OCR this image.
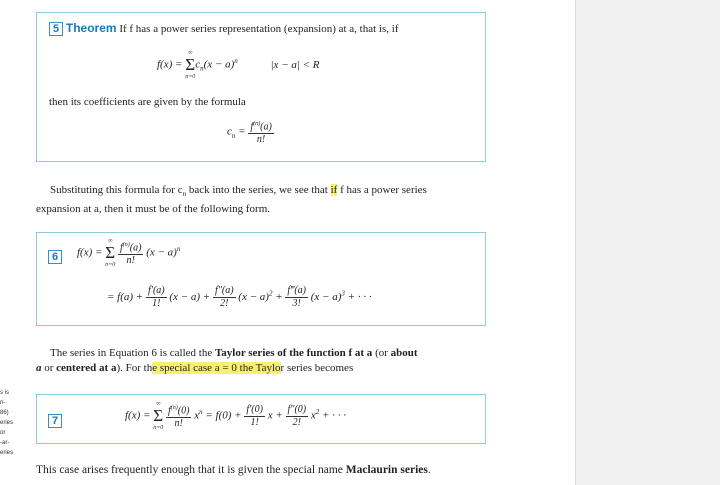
5 Theorem If f has a power series representation (expansion) at a, that is, if
f(x) =
∞
Σ
n=0
$c_n(x - a)^n$	|x − a| < R
then its coefficients are given by the formula
$c_n = \frac{f^{(n)}(a)}{n!}$
Substituting this formula for $c_n$ back into the series, we see that if f has a power series
expansion at a, then it must be of the following form.
6	f(x) =
∞
Σ
n=0
$\frac{f^{(n)}(a)}{n!} (x - a)^n$
= $f(a) + \frac{f'(a)}{1!} (x - a) + \frac{f''(a)}{2!} (x - a)^2 + \frac{f‴(a)}{3!} (x - a)^3$ + · · ·
The series in Equation 6 is called the Taylor series of the function f at a (or about
a or centered at a). For the special case a = 0 the Taylor series becomes
7	f(x) =
∞
Σ
n=0
$\frac{f^{(n)}(0)}{n!} x^n = f(0) + \frac{f'(0)}{1!}$ $x + \frac{f''(0)}{2!} x^2$ + · · ·
This case arises frequently enough that it is given the special name Maclaurin series.
s is
n-
86)
eries
or
-ar-
eries
